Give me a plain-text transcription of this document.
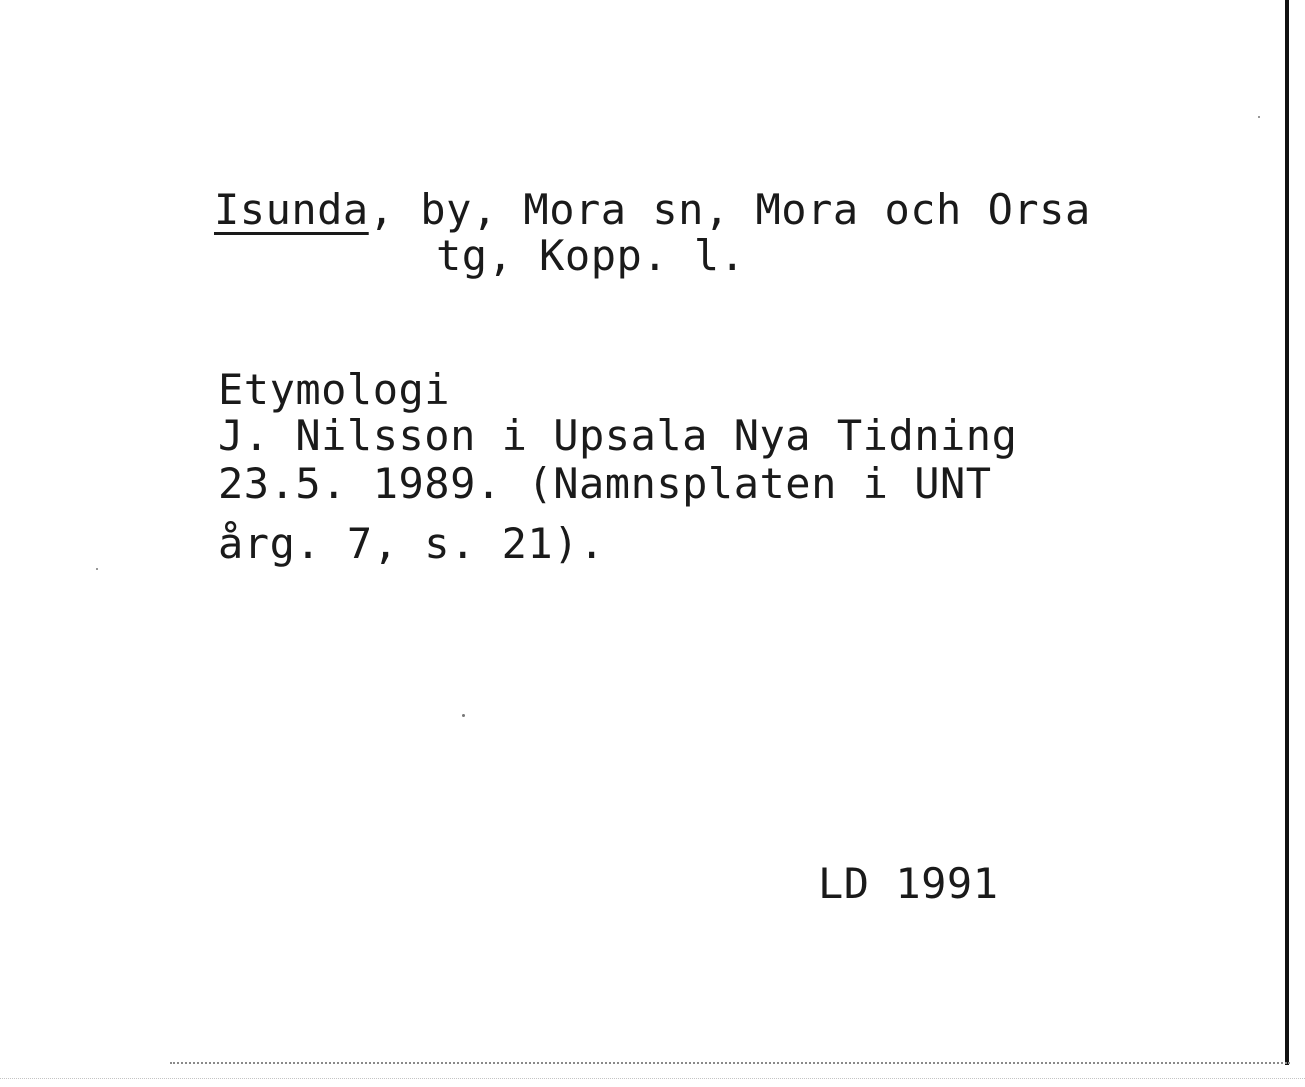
Isunda, by, Mora sn, Mora och Orsa
tg, Kopp. l.
Etymologi
J. Nilsson i Upsala Nya Tidning
23.5. 1989. (Namnsplaten i UNT
årg. 7, s. 21).
LD 1991
